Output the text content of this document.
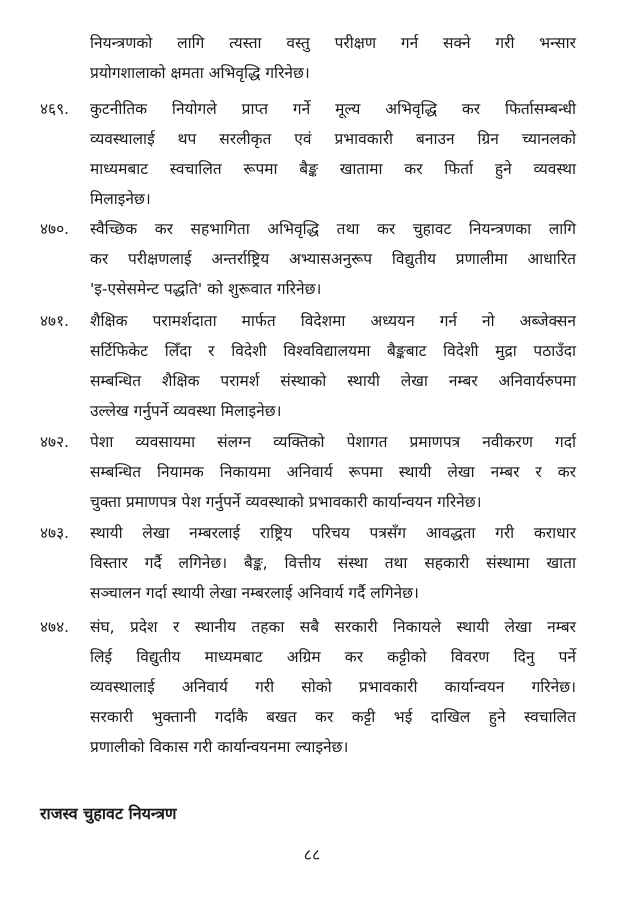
नियन्त्रणको लागि त्यस्ता वस्तु परीक्षण गर्न सक्ने गरी भन्सार
प्रयोगशालाको क्षमता अभिवृद्धि गरिनेछ।
४६९. कुटनीतिक नियोगले प्राप्त गर्ने मूल्य अभिवृद्धि कर फिर्तासम्बन्धी
व्यवस्थालाई थप सरलीकृत एवं प्रभावकारी बनाउन ग्रिन च्यानलको
माध्यमबाट स्वचालित रूपमा बैङ्क खातामा कर फिर्ता हुने व्यवस्था
मिलाइनेछ।
४७०. स्वैच्छिक कर सहभागिता अभिवृद्धि तथा कर चुहावट नियन्त्रणका लागि
कर परीक्षणलाई अन्तर्राष्ट्रिय अभ्यासअनुरूप विद्युतीय प्रणालीमा आधारित
'इ-एसेसमेन्ट पद्धति' को शुरूवात गरिनेछ।
४७१. शैक्षिक परामर्शदाता मार्फत विदेशमा अध्ययन गर्न नो अब्जेक्सन
सर्टिफिकेट लिँदा र विदेशी विश्वविद्यालयमा बैङ्कबाट विदेशी मुद्रा पठाउँदा
सम्बन्धित शैक्षिक परामर्श संस्थाको स्थायी लेखा नम्बर अनिवार्यरुपमा
उल्लेख गर्नुपर्ने व्यवस्था मिलाइनेछ।
४७२. पेशा व्यवसायमा संलग्न व्यक्तिको पेशागत प्रमाणपत्र नवीकरण गर्दा
सम्बन्धित नियामक निकायमा अनिवार्य रूपमा स्थायी लेखा नम्बर र कर
चुक्ता प्रमाणपत्र पेश गर्नुपर्ने व्यवस्थाको प्रभावकारी कार्यान्वयन गरिनेछ।
४७३. स्थायी लेखा नम्बरलाई राष्ट्रिय परिचय पत्रसँग आवद्धता गरी कराधार
विस्तार गर्दै लगिनेछ। बैङ्क, वित्तीय संस्था तथा सहकारी संस्थामा खाता
सञ्चालन गर्दा स्थायी लेखा नम्बरलाई अनिवार्य गर्दै लगिनेछ।
४७४. संघ, प्रदेश र स्थानीय तहका सबै सरकारी निकायले स्थायी लेखा नम्बर
लिई विद्युतीय माध्यमबाट अग्रिम कर कट्टीको विवरण दिनु पर्ने
व्यवस्थालाई अनिवार्य गरी सोको प्रभावकारी कार्यान्वयन गरिनेछ।
सरकारी भुक्तानी गर्दाकै बखत कर कट्टी भई दाखिल हुने स्वचालित
प्रणालीको विकास गरी कार्यान्वयनमा ल्याइनेछ।
राजस्व चुहावट नियन्त्रण
८८
